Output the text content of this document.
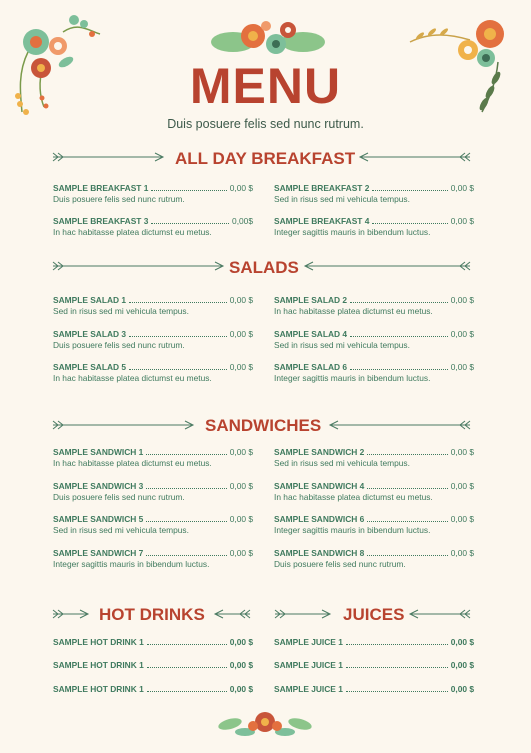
MENU
Duis posuere felis sed nunc rutrum.
ALL DAY BREAKFAST
SALADS
SANDWICHES
HOT DRINKS	JUICES
SAMPLE BREAKFAST 1	0,00 $
Duis posuere felis sed nunc rutrum.
SAMPLE BREAKFAST 2	0,00 $
Sed in risus sed mi vehicula tempus.
SAMPLE BREAKFAST 3	0,00$
In hac habitasse platea dictumst eu metus.
SAMPLE BREAKFAST 4	0,00 $
Integer sagittis mauris in bibendum luctus.
SAMPLE SALAD 1	0,00 $
Sed in risus sed mi vehicula tempus.
SAMPLE SALAD 2	0,00 $
In hac habitasse platea dictumst eu metus.
SAMPLE SALAD 3	0,00 $
Duis posuere felis sed nunc rutrum.
SAMPLE SALAD 4	0,00 $
Sed in risus sed mi vehicula tempus.
SAMPLE SALAD 5	0,00 $
In hac habitasse platea dictumst eu metus.
SAMPLE SALAD 6	0,00 $
Integer sagittis mauris in bibendum luctus.
SAMPLE SANDWICH 1	0,00 $
In hac habitasse platea dictumst eu metus.
SAMPLE SANDWICH 2	0,00 $
Sed in risus sed mi vehicula tempus.
SAMPLE SANDWICH 3	0,00 $
Duis posuere felis sed nunc rutrum.
SAMPLE SANDWICH 4	0,00 $
In hac habitasse platea dictumst eu metus.
SAMPLE SANDWICH 5	0,00 $
Sed in risus sed mi vehicula tempus.
SAMPLE SANDWICH 6	0,00 $
Integer sagittis mauris in bibendum luctus.
SAMPLE SANDWICH 7	0,00 $
Integer sagittis mauris in bibendum luctus.
SAMPLE SANDWICH 8	0,00 $
Duis posuere felis sed nunc rutrum.
SAMPLE HOT DRINK 1	0,00 $	SAMPLE JUICE 1	0,00 $
SAMPLE HOT DRINK 1	0,00 $	SAMPLE JUICE 1	0,00 $
SAMPLE HOT DRINK 1	0,00 $	SAMPLE JUICE 1	0,00 $
